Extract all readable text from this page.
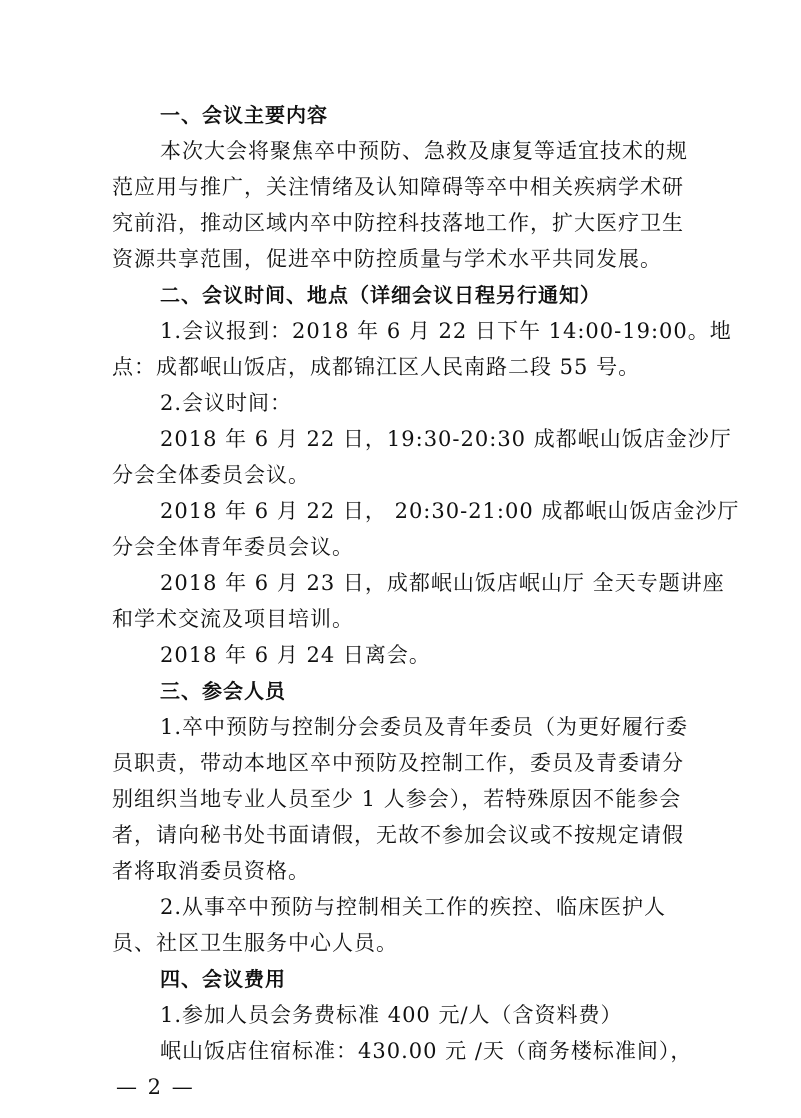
一、会议主要内容
本次大会将聚焦卒中预防、急救及康复等适宜技术的规
范应用与推广，关注情绪及认知障碍等卒中相关疾病学术研
究前沿，推动区域内卒中防控科技落地工作，扩大医疗卫生
资源共享范围，促进卒中防控质量与学术水平共同发展。
二、会议时间、地点（详细会议日程另行通知）
1.会议报到：2018 年 6 月 22 日下午 14:00-19:00。地
点：成都岷山饭店，成都锦江区人民南路二段 55 号。
2.会议时间：
2018 年 6 月 22 日，19:30-20:30 成都岷山饭店金沙厅
分会全体委员会议。
2018 年 6 月 22 日， 20:30-21:00 成都岷山饭店金沙厅
分会全体青年委员会议。
2018 年 6 月 23 日，成都岷山饭店岷山厅 全天专题讲座
和学术交流及项目培训。
2018 年 6 月 24 日离会。
三、参会人员
1.卒中预防与控制分会委员及青年委员（为更好履行委
员职责，带动本地区卒中预防及控制工作，委员及青委请分
别组织当地专业人员至少 1 人参会），若特殊原因不能参会
者，请向秘书处书面请假，无故不参加会议或不按规定请假
者将取消委员资格。
2.从事卒中预防与控制相关工作的疾控、临床医护人
员、社区卫生服务中心人员。
四、会议费用
1.参加人员会务费标准 400 元/人（含资料费）
岷山饭店住宿标准：430.00 元 /天（商务楼标准间），
— 2 —
